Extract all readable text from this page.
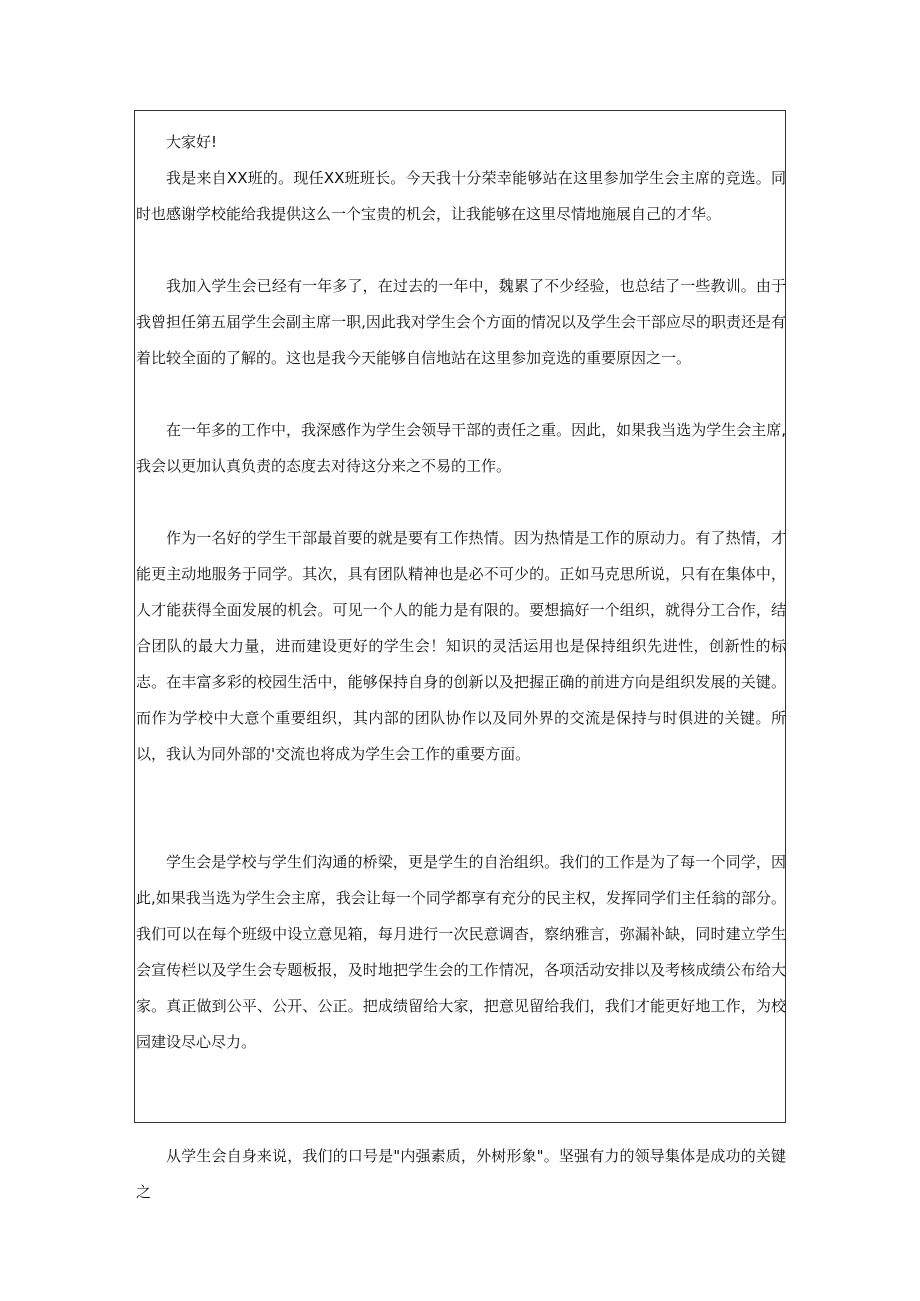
大家好!

我是来自XX班的。现任XX班班长。今天我十分荣幸能够站在这里参加学生会主席的竞选。同时也感谢学校能给我提供这么一个宝贵的机会，让我能够在这里尽情地施展自己的才华。

我加入学生会已经有一年多了，在过去的一年中，魏累了不少经验，也总结了一些教训。由于我曾担任第五届学生会副主席一职,因此我对学生会个方面的情况以及学生会干部应尽的职责还是有着比较全面的了解的。这也是我今天能够自信地站在这里参加竞选的重要原因之一。

在一年多的工作中，我深感作为学生会领导干部的责任之重。因此，如果我当选为学生会主席,我会以更加认真负责的态度去对待这分来之不易的工作。

作为一名好的学生干部最首要的就是要有工作热情。因为热情是工作的原动力。有了热情，才能更主动地服务于同学。其次，具有团队精神也是必不可少的。正如马克思所说，只有在集体中，人才能获得全面发展的机会。可见一个人的能力是有限的。要想搞好一个组织，就得分工合作，结合团队的最大力量，进而建设更好的学生会！知识的灵活运用也是保持组织先进性，创新性的标志。在丰富多彩的校园生活中，能够保持自身的创新以及把握正确的前进方向是组织发展的关键。而作为学校中大意个重要组织，其内部的团队协作以及同外界的交流是保持与时俱进的关键。所以，我认为同外部的'交流也将成为学生会工作的重要方面。

学生会是学校与学生们沟通的桥梁，更是学生的自治组织。我们的工作是为了每一个同学，因此,如果我当选为学生会主席，我会让每一个同学都享有充分的民主权，发挥同学们主任翁的部分。我们可以在每个班级中设立意见箱，每月进行一次民意调杳，察纳雅言，弥漏补缺，同时建立学生会宣传栏以及学生会专题板报，及时地把学生会的工作情况，各项活动安排以及考核成绩公布给大家。真正做到公平、公开、公正。把成绩留给大家，把意见留给我们，我们才能更好地工作，为校园建设尽心尽力。

从学生会自身来说，我们的口号是"内强素质，外树形象"。坚强有力的领导集体是成功的关键之
